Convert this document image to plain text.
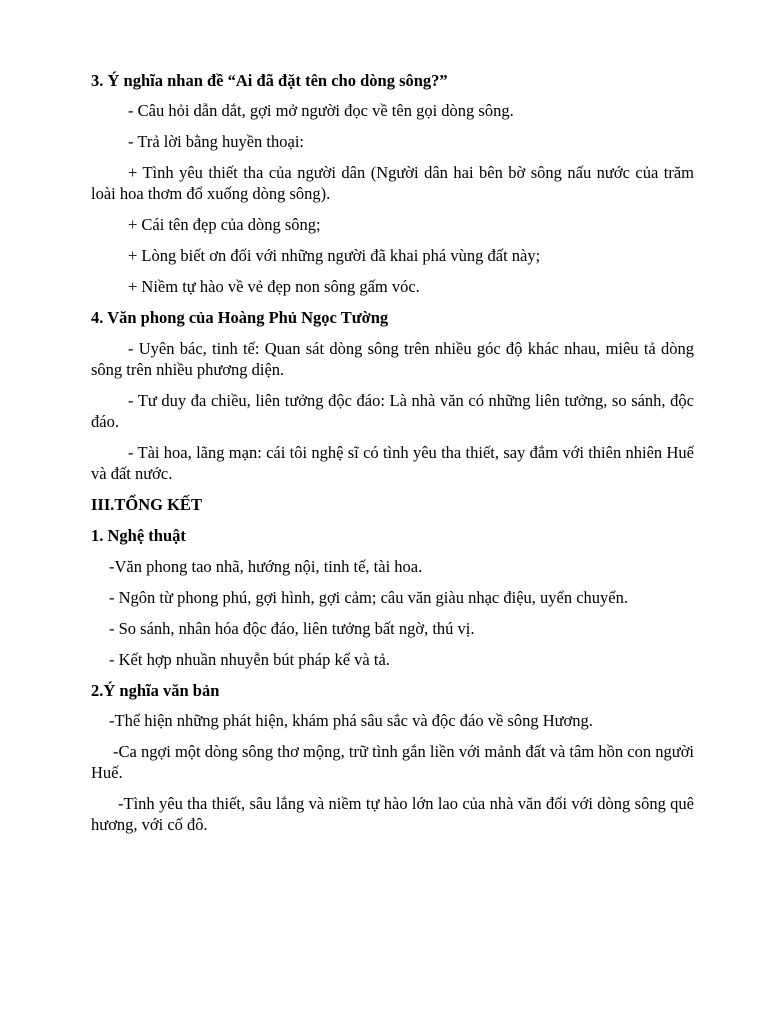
3. Ý nghĩa nhan đề “Ai đã đặt tên cho dòng sông?”
- Câu hỏi dẫn dắt, gợi mở người đọc về tên gọi dòng sông.
- Trả lời bằng huyền thoại:
+ Tình yêu thiết tha của người dân (Người dân hai bên bờ sông nấu nước của trăm loài hoa thơm đổ xuống dòng sông).
+ Cái tên đẹp của dòng sông;
+ Lòng biết ơn đối với những người đã khai phá vùng đất này;
+ Niềm tự hào về vẻ đẹp non sông gấm vóc.
4. Văn phong của Hoàng Phủ Ngọc Tường
- Uyên bác, tinh tế: Quan sát dòng sông trên nhiều góc độ khác nhau, miêu tả dòng sông trên nhiều phương diện.
- Tư duy đa chiều, liên tưởng độc đáo: Là nhà văn có những liên tưởng, so sánh, độc đáo.
- Tài hoa, lãng mạn: cái tôi nghệ sĩ có tình yêu tha thiết, say đắm với thiên nhiên Huế và đất nước.
III.TỔNG KẾT
1. Nghệ thuật
-Văn phong tao nhã, hướng nội, tinh tế, tài hoa.
- Ngôn từ phong phú, gợi hình, gợi cảm; câu văn giàu nhạc điệu, uyển chuyển.
- So sánh, nhân hóa độc đáo, liên tưởng bất ngờ, thú vị.
- Kết hợp nhuần nhuyễn bút pháp kể và tả.
2.Ý nghĩa văn bản
-Thể hiện những phát hiện, khám phá sâu sắc và độc đáo về sông Hương.
-Ca ngợi một dòng sông thơ mộng, trữ tình gắn liền với mảnh đất và tâm hồn con người Huế.
-Tình yêu tha thiết, sâu lắng và niềm tự hào lớn lao của nhà văn đối với dòng sông quê hương, với cố đô.
